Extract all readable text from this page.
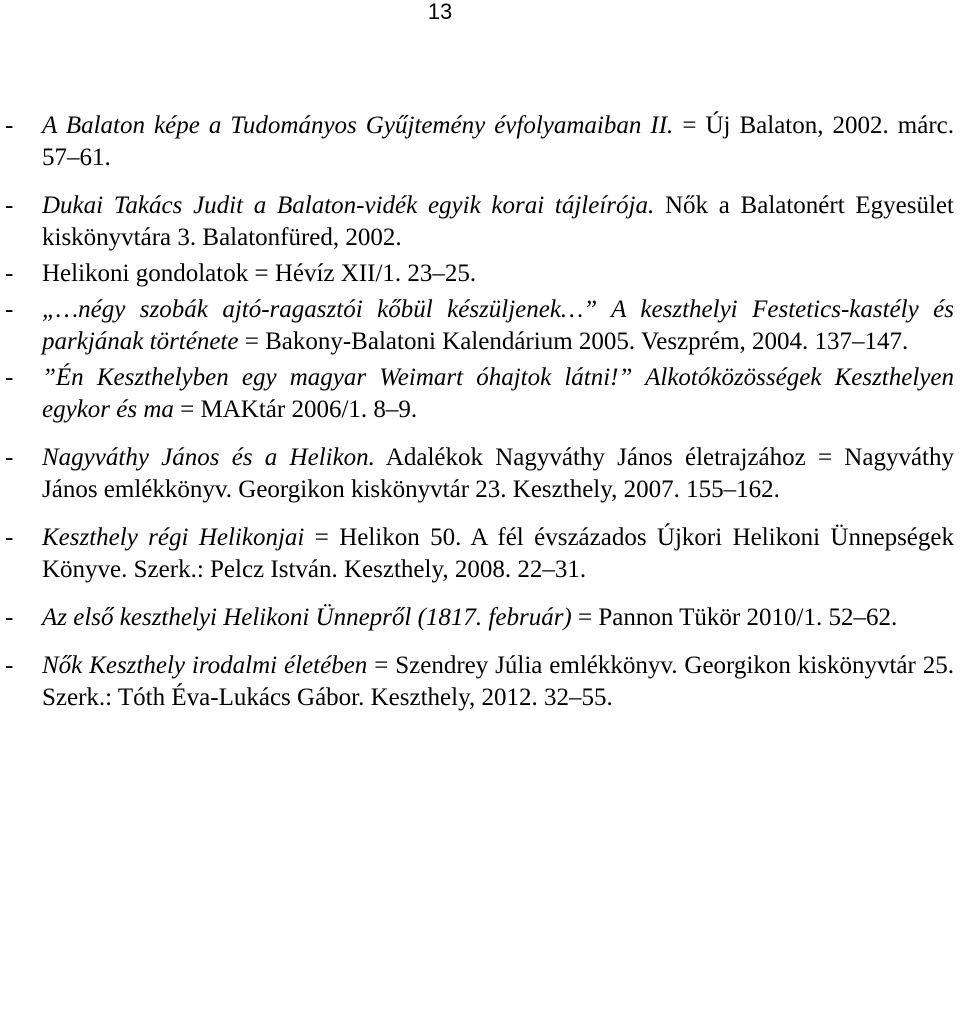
13
- A Balaton képe a Tudományos Gyűjtemény évfolyamaiban II. = Új Balaton, 2002. márc. 57–61.
- Dukai Takács Judit a Balaton-vidék egyik korai tájleírója. Nők a Balatonért Egyesület kiskönyvtára 3. Balatonfüred, 2002.
- Helikoni gondolatok = Hévíz XII/1. 23–25.
- „…négy szobák ajtó-ragasztói kőbül készüljenek…” A keszthelyi Festetics-kastély és parkjának története = Bakony-Balatoni Kalendárium 2005. Veszprém, 2004. 137–147.
- ”Én Keszthelyben egy magyar Weimart óhajtok látni!” Alkotóközösségek Keszthelyen egykor és ma = MAKtár 2006/1. 8–9.
- Nagyváthy János és a Helikon. Adalékok Nagyváthy János életrajzához = Nagyváthy János emlékkönyv. Georgikon kiskönyvtár 23. Keszthely, 2007. 155–162.
- Keszthely régi Helikonjai = Helikon 50. A fél évszázados Újkori Helikoni Ünnepségek Könyve. Szerk.: Pelcz István. Keszthely, 2008. 22–31.
- Az első keszthelyi Helikoni Ünnepről (1817. február) = Pannon Tükör 2010/1. 52–62.
- Nők Keszthely irodalmi életében = Szendrey Júlia emlékkönyv. Georgikon kiskönyvtár 25. Szerk.: Tóth Éva-Lukács Gábor. Keszthely, 2012. 32–55.
